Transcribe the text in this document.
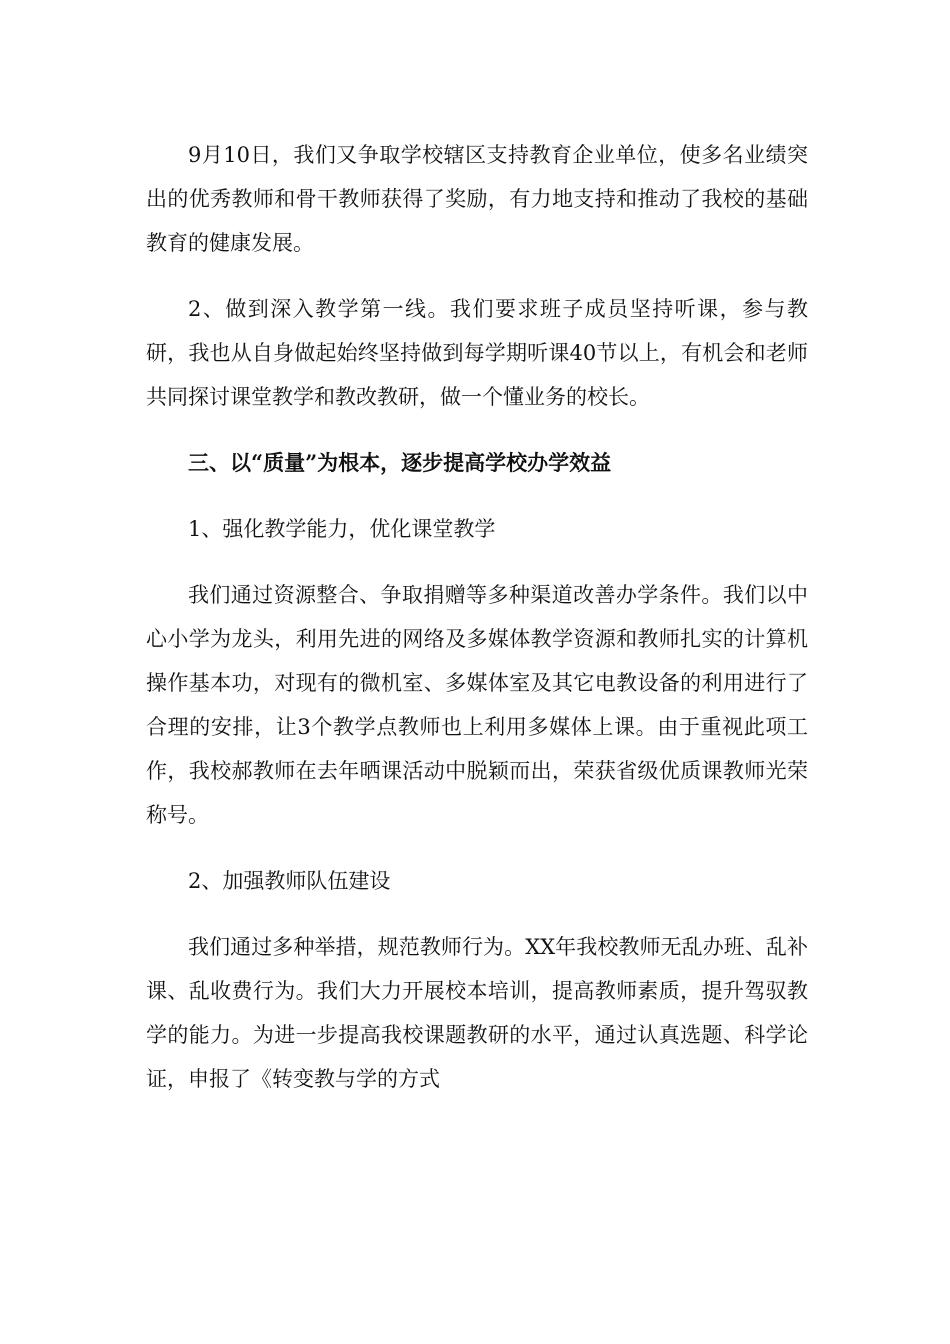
9月10日，我们又争取学校辖区支持教育企业单位，使多名业绩突出的优秀教师和骨干教师获得了奖励，有力地支持和推动了我校的基础教育的健康发展。

2、做到深入教学第一线。我们要求班子成员坚持听课，参与教研，我也从自身做起始终坚持做到每学期听课40节以上，有机会和老师共同探讨课堂教学和教改教研，做一个懂业务的校长。

三、以“质量”为根本，逐步提高学校办学效益

1、强化教学能力，优化课堂教学

我们通过资源整合、争取捐赠等多种渠道改善办学条件。我们以中心小学为龙头，利用先进的网络及多媒体教学资源和教师扎实的计算机操作基本功，对现有的微机室、多媒体室及其它电教设备的利用进行了合理的安排，让3个教学点教师也上利用多媒体上课。由于重视此项工作，我校郝教师在去年晒课活动中脱颖而出，荣获省级优质课教师光荣称号。

2、加强教师队伍建设

我们通过多种举措，规范教师行为。XX年我校教师无乱办班、乱补课、乱收费行为。我们大力开展校本培训，提高教师素质，提升驾驭教学的能力。为进一步提高我校课题教研的水平，通过认真选题、科学论证，申报了《转变教与学的方式
